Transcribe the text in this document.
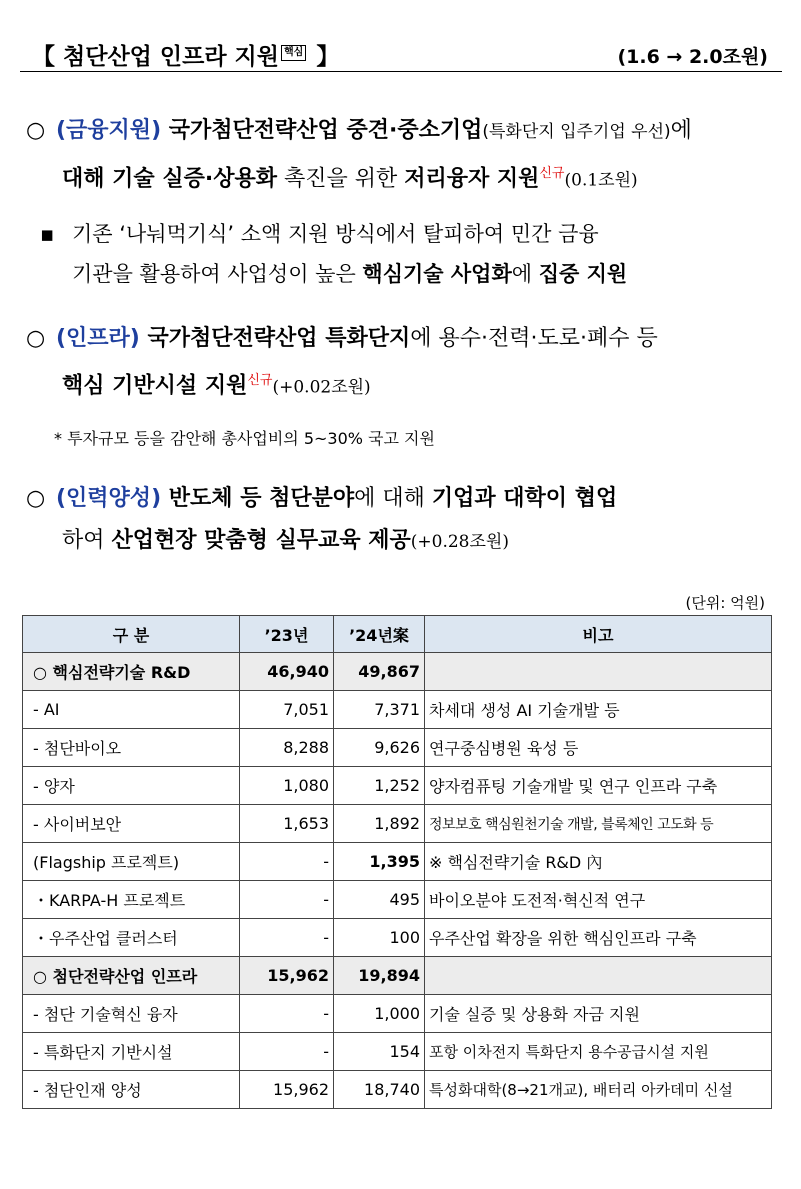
【 첨단산업 인프라 지원 핵심 】	(1.6 → 2.0조원)
○ (금융지원) 국가첨단전략산업 중견·중소기업(특화단지 입주기업 우선)에
대해 기술 실증·상용화 촉진을 위한 저리융자 지원$^{신규}$(0.1조원)
▪ 기존 ‘나눠먹기식’ 소액 지원 방식에서 탈피하여 민간 금융
기관을 활용하여 사업성이 높은 핵심기술 사업화에 집중 지원
○ (인프라) 국가첨단전략산업 특화단지에 용수·전력·도로·폐수 등
핵심 기반시설 지원$^{신규}$(+0.02조원)
* 투자규모 등을 감안해 총사업비의 5~30% 국고 지원
○ (인력양성) 반도체 등 첨단분야에 대해 기업과 대학이 협업
하여 산업현장 맞춤형 실무교육 제공(+0.28조원)
(단위: 억원)
구 분	’23년	’24년案	비고
○ 핵심전략기술 R&D	46,940	49,867	
- AI	7,051	7,371	차세대 생성 AI 기술개발 등
- 첨단바이오	8,288	9,626	연구중심병원 육성 등
- 양자	1,080	1,252	양자컴퓨팅 기술개발 및 연구 인프라 구축
- 사이버보안	1,653	1,892	정보보호 핵심원천기술 개발, 블록체인 고도화 등
(Flagship 프로젝트)	-	1,395	※ 핵심전략기술 R&D 內
・KARPA-H 프로젝트	-	495	바이오분야 도전적·혁신적 연구
・우주산업 클러스터	-	100	우주산업 확장을 위한 핵심인프라 구축
○ 첨단전략산업 인프라	15,962	19,894	
- 첨단 기술혁신 융자	-	1,000	기술 실증 및 상용화 자금 지원
- 특화단지 기반시설	-	154	포항 이차전지 특화단지 용수공급시설 지원
- 첨단인재 양성	15,962	18,740	특성화대학(8→21개교), 배터리 아카데미 신설
